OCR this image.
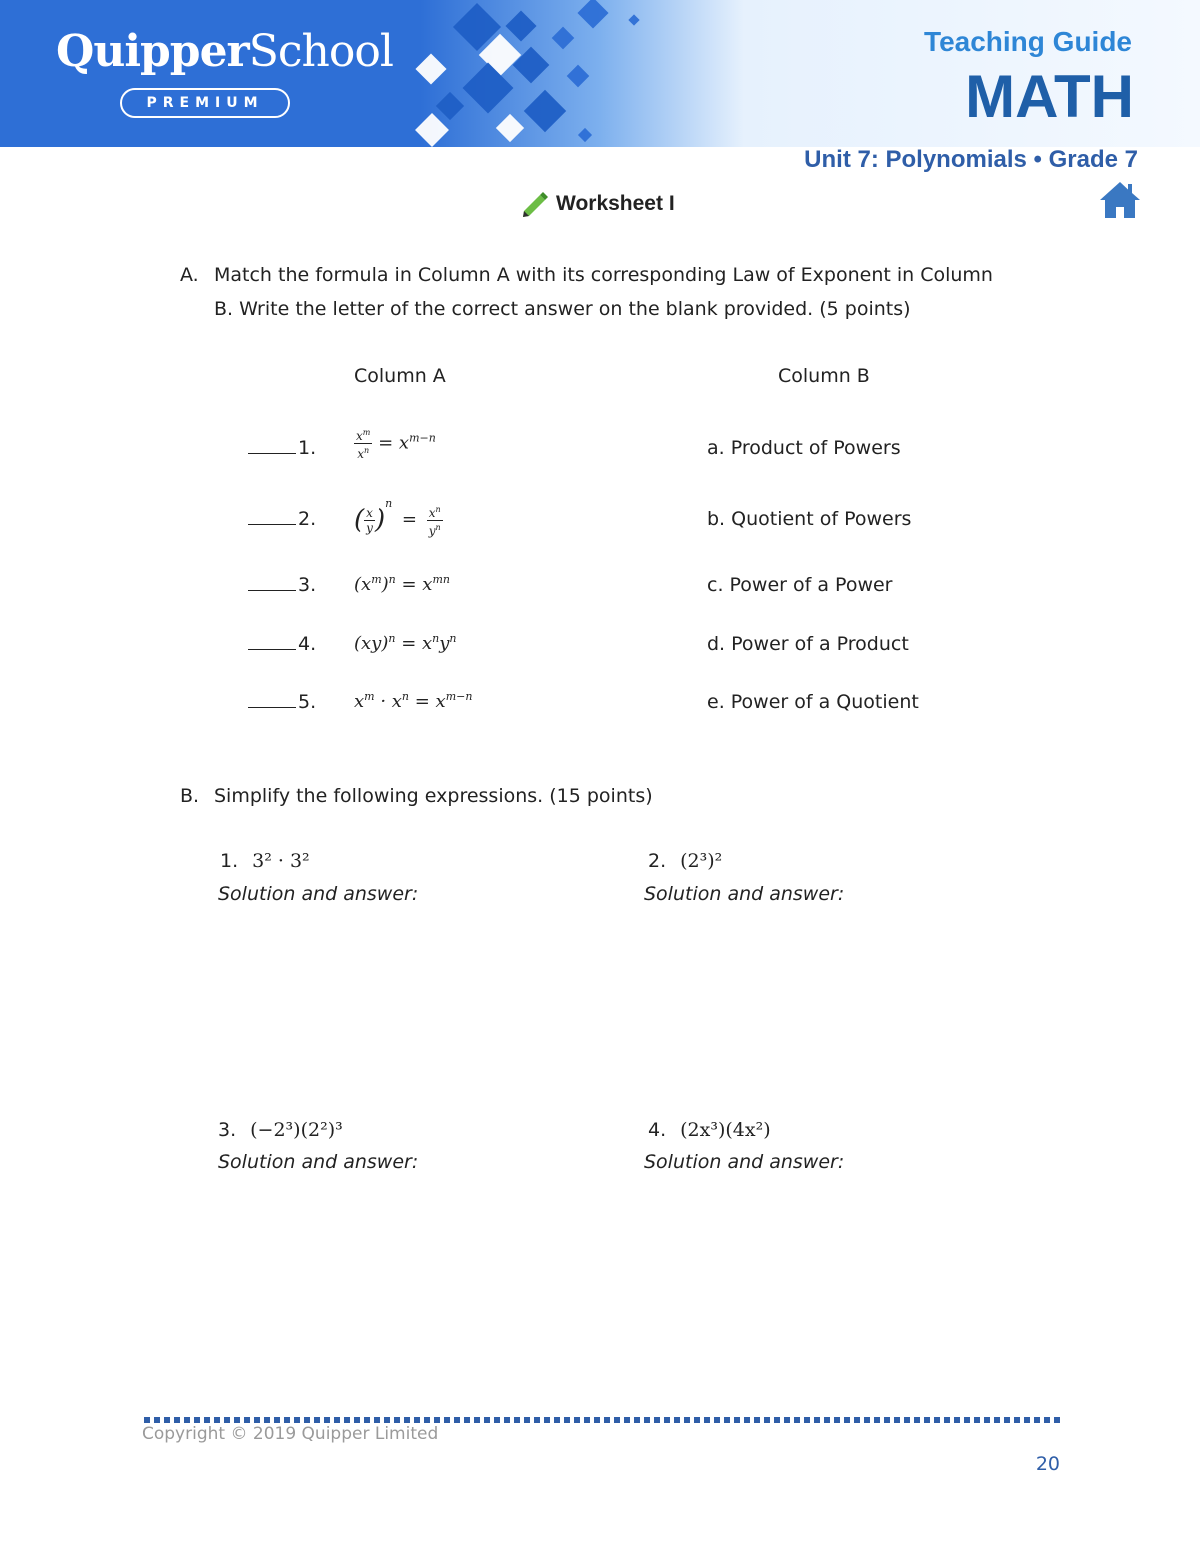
QuipperSchool
PREMIUM
Teaching Guide
MATH
Unit 7: Polynomials • Grade 7
Worksheet I
A. Match the formula in Column A with its corresponding Law of Exponent in Column
B. Write the letter of the correct answer on the blank provided. (5 points)
Column A	Column B
1.	$\frac{x^m}{x^n} = x^{m-n}$	a. Product of Powers
2. ( $\frac{x}{y} )^n = \frac{x^n}{y^n}$	b. Quotient of Powers
3. $(x^m)^n = x^{mn}$	c. Power of a Power
4. $(xy)^n = x^ny^n$	d. Power of a Product
5. $x^m \cdot x^n = x^{m-n}$	e. Power of a Quotient
B. Simplify the following expressions. (15 points)
1. 3² · 3²
Solution and answer:
2. (2³)²
Solution and answer:
3. (−2³)(2²)³
Solution and answer:
4. (2x³)(4x²)
Solution and answer:
Copyright © 2019 Quipper Limited
20
